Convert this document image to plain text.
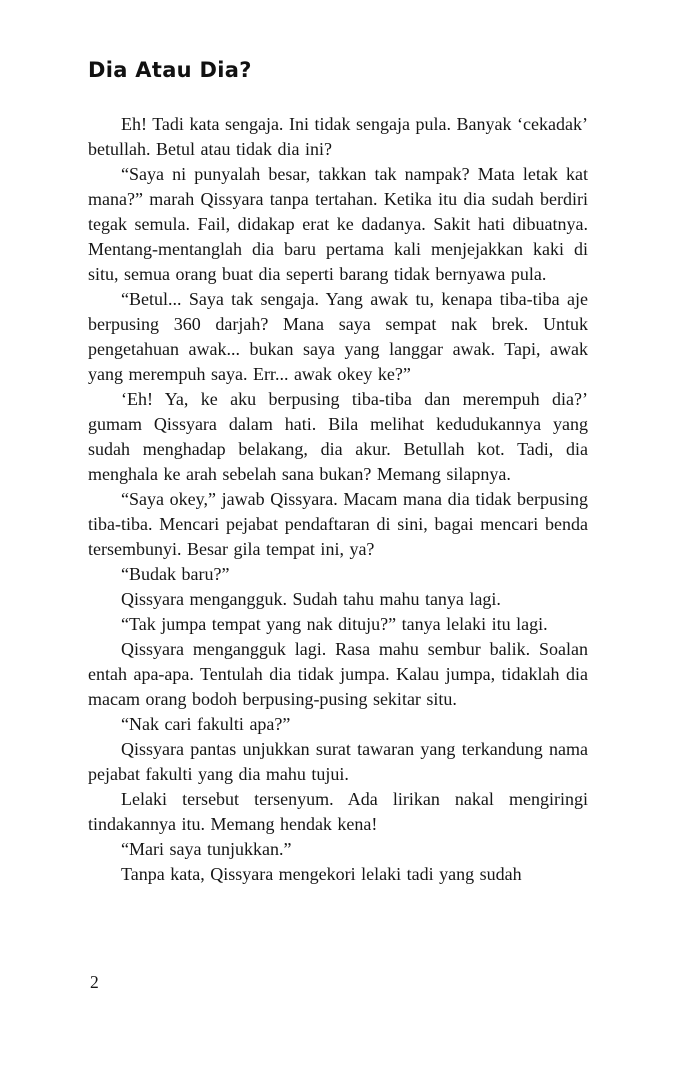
Dia Atau Dia?

Eh! Tadi kata sengaja. Ini tidak sengaja pula. Banyak ‘cekadak’ betullah. Betul atau tidak dia ini?

“Saya ni punyalah besar, takkan tak nampak? Mata letak kat mana?” marah Qissyara tanpa tertahan. Ketika itu dia sudah berdiri tegak semula. Fail, didakap erat ke dadanya. Sakit hati dibuatnya. Mentang-mentanglah dia baru pertama kali menjejakkan kaki di situ, semua orang buat dia seperti barang tidak bernyawa pula.

“Betul... Saya tak sengaja. Yang awak tu, kenapa tiba-tiba aje berpusing 360 darjah? Mana saya sempat nak brek. Untuk pengetahuan awak... bukan saya yang langgar awak. Tapi, awak yang merempuh saya. Err... awak okey ke?”

‘Eh! Ya, ke aku berpusing tiba-tiba dan merempuh dia?’ gumam Qissyara dalam hati. Bila melihat kedudukannya yang sudah menghadap belakang, dia akur. Betullah kot. Tadi, dia menghala ke arah sebelah sana bukan? Memang silapnya.

“Saya okey,” jawab Qissyara. Macam mana dia tidak berpusing tiba-tiba. Mencari pejabat pendaftaran di sini, bagai mencari benda tersembunyi. Besar gila tempat ini, ya?

“Budak baru?”

Qissyara mengangguk. Sudah tahu mahu tanya lagi.

“Tak jumpa tempat yang nak dituju?” tanya lelaki itu lagi.

Qissyara mengangguk lagi. Rasa mahu sembur balik. Soalan entah apa-apa. Tentulah dia tidak jumpa. Kalau jumpa, tidaklah dia macam orang bodoh berpusing-pusing sekitar situ.

“Nak cari fakulti apa?”

Qissyara pantas unjukkan surat tawaran yang terkandung nama pejabat fakulti yang dia mahu tujui.

Lelaki tersebut tersenyum. Ada lirikan nakal mengiringi tindakannya itu. Memang hendak kena!

“Mari saya tunjukkan.”

Tanpa kata, Qissyara mengekori lelaki tadi yang sudah

2
